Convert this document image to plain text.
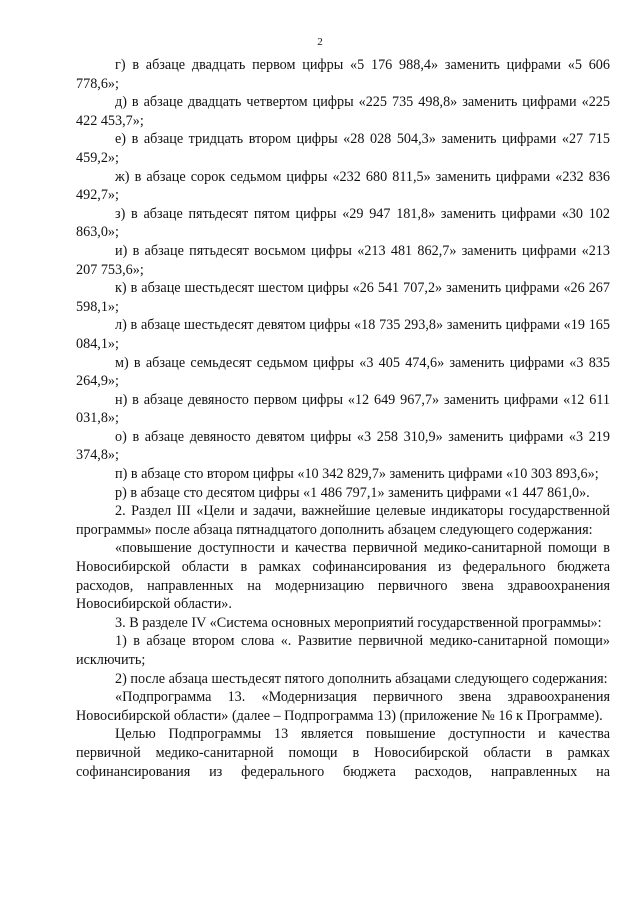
2

г) в абзаце двадцать первом цифры «5 176 988,4» заменить цифрами «5 606 778,6»;

д) в абзаце двадцать четвертом цифры «225 735 498,8» заменить цифрами «225 422 453,7»;

е) в абзаце тридцать втором цифры «28 028 504,3» заменить цифрами «27 715 459,2»;

ж) в абзаце сорок седьмом цифры «232 680 811,5» заменить цифрами «232 836 492,7»;

з) в абзаце пятьдесят пятом цифры «29 947 181,8» заменить цифрами «30 102 863,0»;

и) в абзаце пятьдесят восьмом цифры «213 481 862,7» заменить цифрами «213 207 753,6»;

к) в абзаце шестьдесят шестом цифры «26 541 707,2» заменить цифрами «26 267 598,1»;

л) в абзаце шестьдесят девятом цифры «18 735 293,8» заменить цифрами «19 165 084,1»;

м) в абзаце семьдесят седьмом цифры «3 405 474,6» заменить цифрами «3 835 264,9»;

н) в абзаце девяносто первом цифры «12 649 967,7» заменить цифрами «12 611 031,8»;

о) в абзаце девяносто девятом цифры «3 258 310,9» заменить цифрами «3 219 374,8»;

п) в абзаце сто втором цифры «10 342 829,7» заменить цифрами «10 303 893,6»;

р) в абзаце сто десятом цифры «1 486 797,1» заменить цифрами «1 447 861,0».

2. Раздел III «Цели и задачи, важнейшие целевые индикаторы государственной программы» после абзаца пятнадцатого дополнить абзацем следующего содержания:

«повышение доступности и качества первичной медико-санитарной помощи в Новосибирской области в рамках софинансирования из федерального бюджета расходов, направленных на модернизацию первичного звена здравоохранения Новосибирской области».

3. В разделе IV «Система основных мероприятий государственной программы»:

1) в абзаце втором слова «. Развитие первичной медико-санитарной помощи» исключить;

2) после абзаца шестьдесят пятого дополнить абзацами следующего содержания:

«Подпрограмма 13. «Модернизация первичного звена здравоохранения Новосибирской области» (далее – Подпрограмма 13) (приложение № 16 к Программе).

Целью Подпрограммы 13 является повышение доступности и качества первичной медико-санитарной помощи в Новосибирской области в рамках софинансирования из федерального бюджета расходов, направленных на
